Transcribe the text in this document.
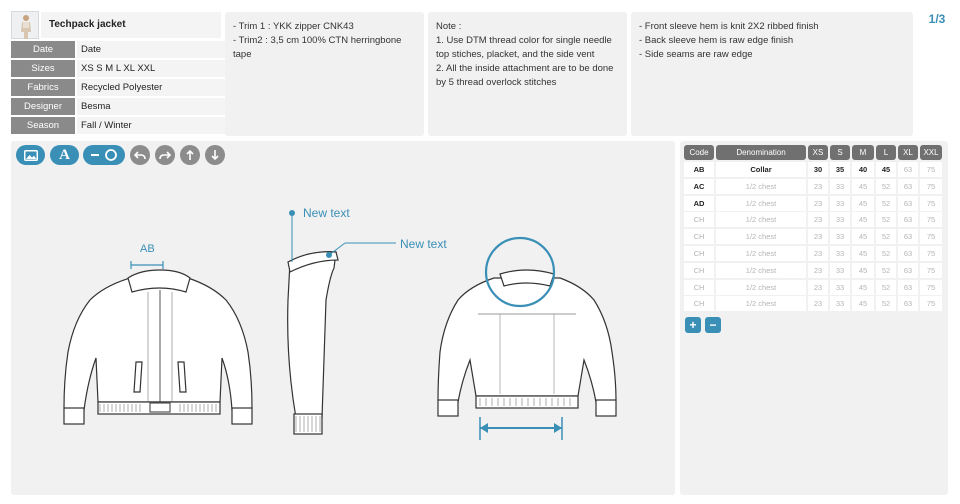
Techpack jacket
Date	Date
Sizes	XS S M L XL XXL
Fabrics	Recycled Polyester
Designer	Besma
Season	Fall / Winter
- Trim 1 : YKK zipper CNK43
- Trim2 : 3,5 cm 100% CTN herringbone
tape
Note :
1. Use DTM thread color for single needle
top stiches, placket, and the side vent
2. All the inside attachment are to be done
by 5 thread overlock stitches
- Front sleeve hem is knit 2X2 ribbed finish
- Back sleeve hem is raw edge finish
- Side seams are raw edge
1/3
A
AB
New text
New text
Code	Denomination	XS	S	M	L	XL	XXL
AB	Collar	30	35	40	45	63	75
AC	1/2 chest	23	33	45	52	63	75
AD	1/2 chest	23	33	45	52	63	75
CH	1/2 chest	23	33	45	52	63	75
CH	1/2 chest	23	33	45	52	63	75
CH	1/2 chest	23	33	45	52	63	75
CH	1/2 chest	23	33	45	52	63	75
CH	1/2 chest	23	33	45	52	63	75
CH	1/2 chest	23	33	45	52	63	75
+	−
